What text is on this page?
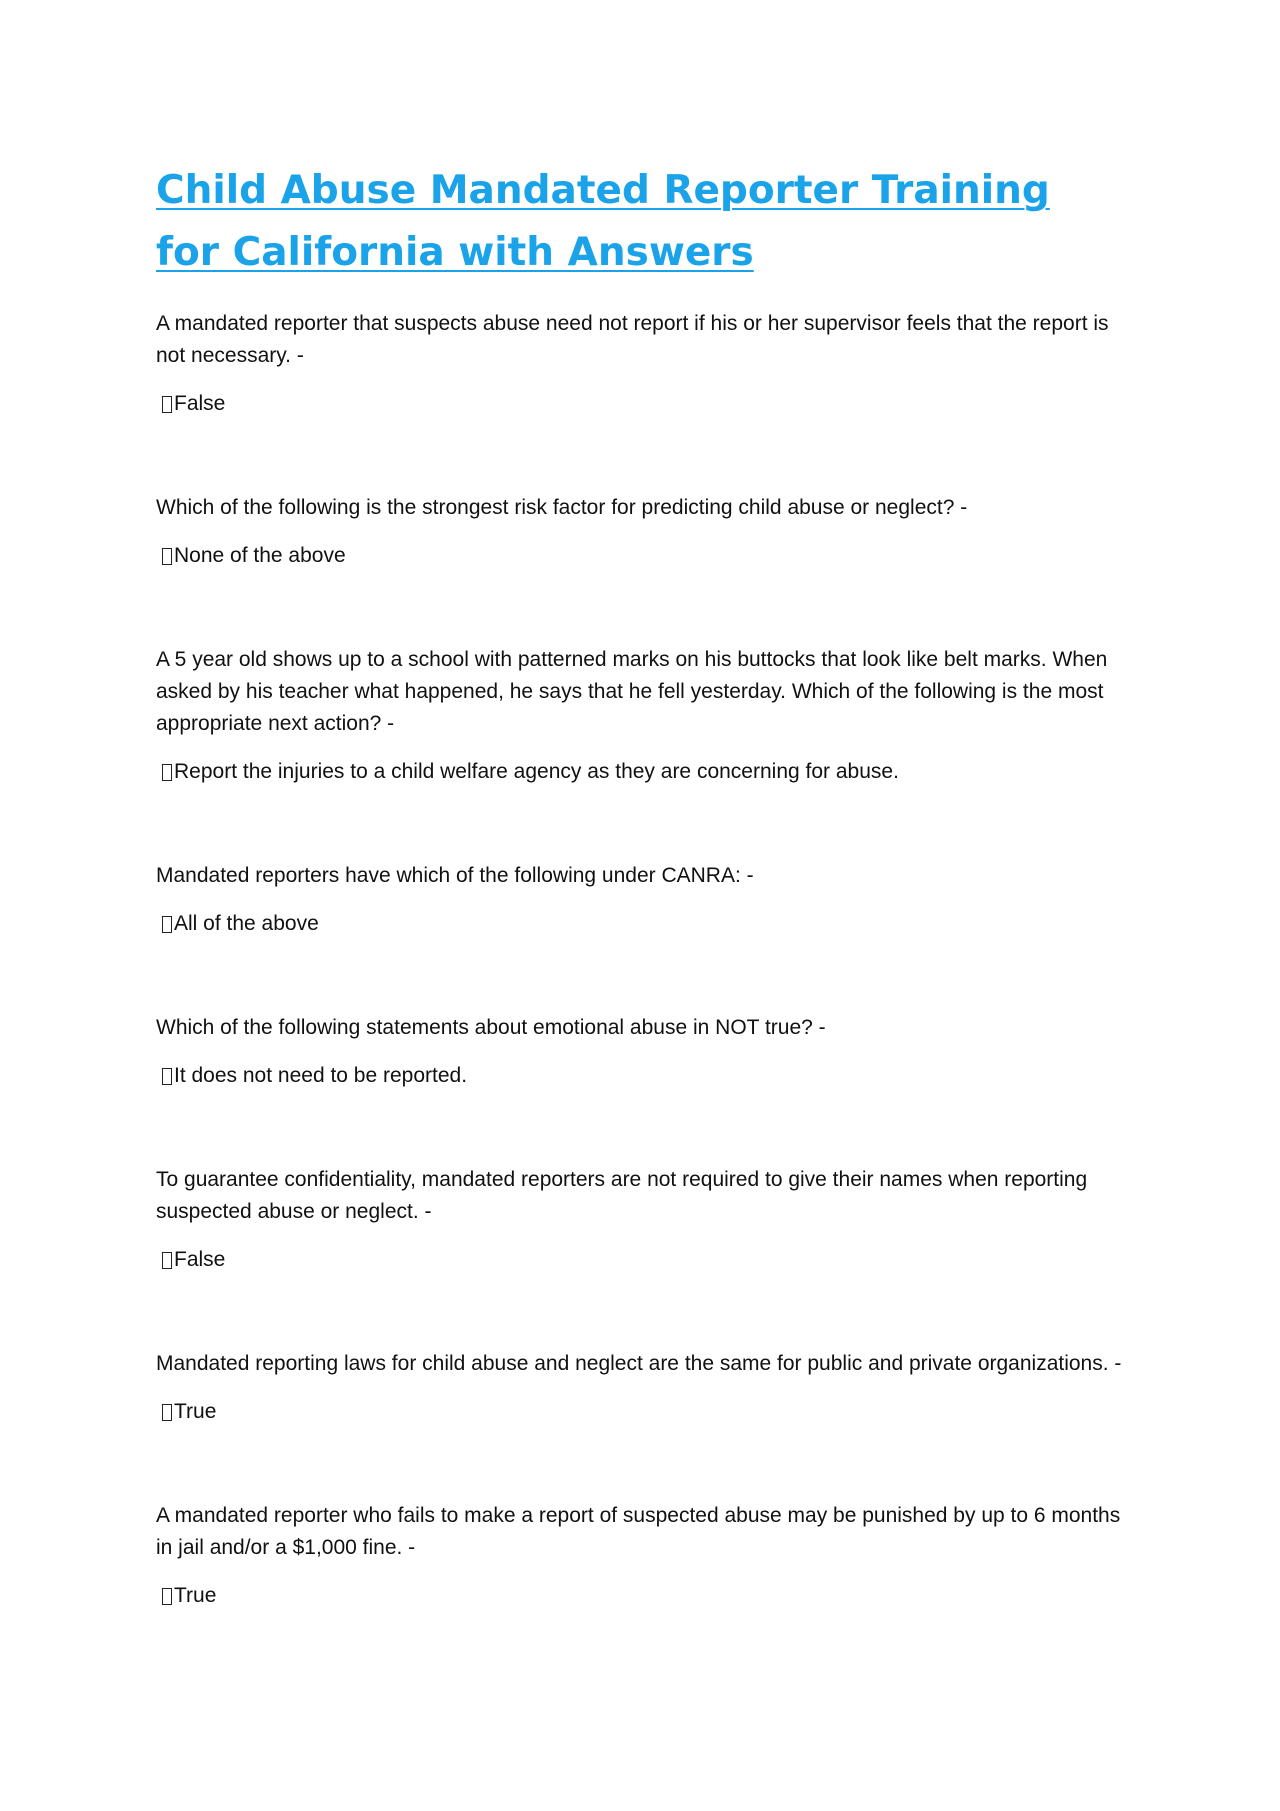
Child Abuse Mandated Reporter Training for California with Answers

A mandated reporter that suspects abuse need not report if his or her supervisor feels that the report is not necessary. -

False

Which of the following is the strongest risk factor for predicting child abuse or neglect? -

None of the above

A 5 year old shows up to a school with patterned marks on his buttocks that look like belt marks. When asked by his teacher what happened, he says that he fell yesterday. Which of the following is the most appropriate next action? -

Report the injuries to a child welfare agency as they are concerning for abuse.

Mandated reporters have which of the following under CANRA: -

All of the above

Which of the following statements about emotional abuse in NOT true? -

It does not need to be reported.

To guarantee confidentiality, mandated reporters are not required to give their names when reporting suspected abuse or neglect. -

False

Mandated reporting laws for child abuse and neglect are the same for public and private organizations. -

True

A mandated reporter who fails to make a report of suspected abuse may be punished by up to 6 months in jail and/or a $1,000 fine. -

True
